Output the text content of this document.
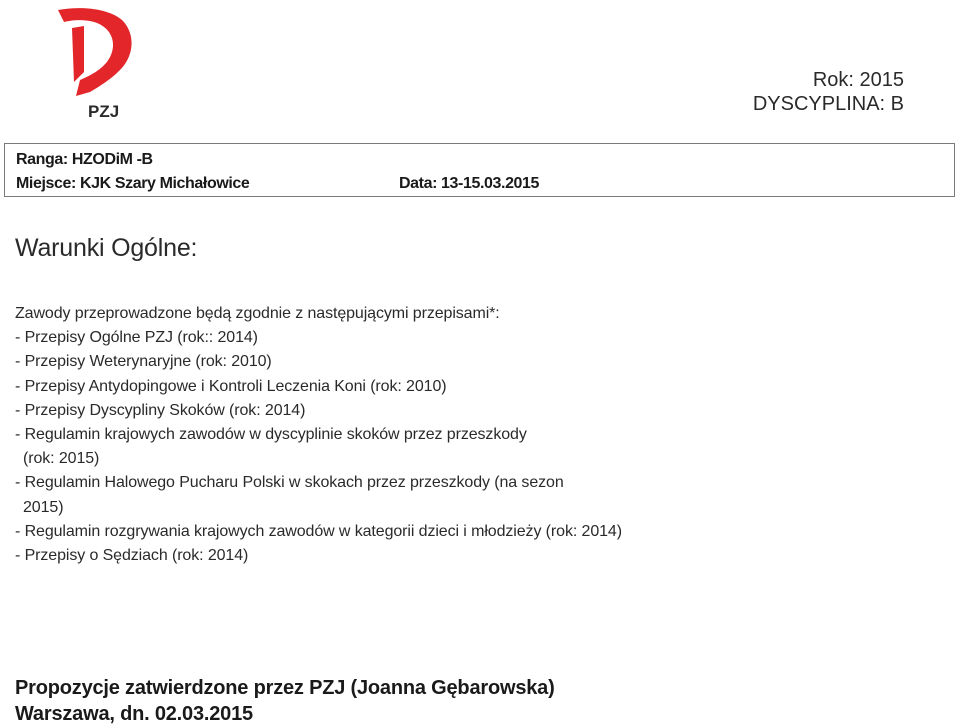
PZJ
Rok: 2015
DYSCYPLINA: B
Ranga: HZODiM -B
Miejsce: KJK Szary Michałowice	Data: 13-15.03.2015
Warunki Ogólne:
Zawody przeprowadzone będą zgodnie z następującymi przepisami*:
- Przepisy Ogólne PZJ (rok:: 2014)
- Przepisy Weterynaryjne (rok: 2010)
- Przepisy Antydopingowe i Kontroli Leczenia Koni (rok: 2010)
- Przepisy Dyscypliny Skoków (rok: 2014)
- Regulamin krajowych zawodów w dyscyplinie skoków przez przeszkody
(rok: 2015)
- Regulamin Halowego Pucharu Polski w skokach przez przeszkody (na sezon
2015)
- Regulamin rozgrywania krajowych zawodów w kategorii dzieci i młodzieży (rok: 2014)
- Przepisy o Sędziach (rok: 2014)
Propozycje zatwierdzone przez PZJ (Joanna Gębarowska)
Warszawa, dn. 02.03.2015
